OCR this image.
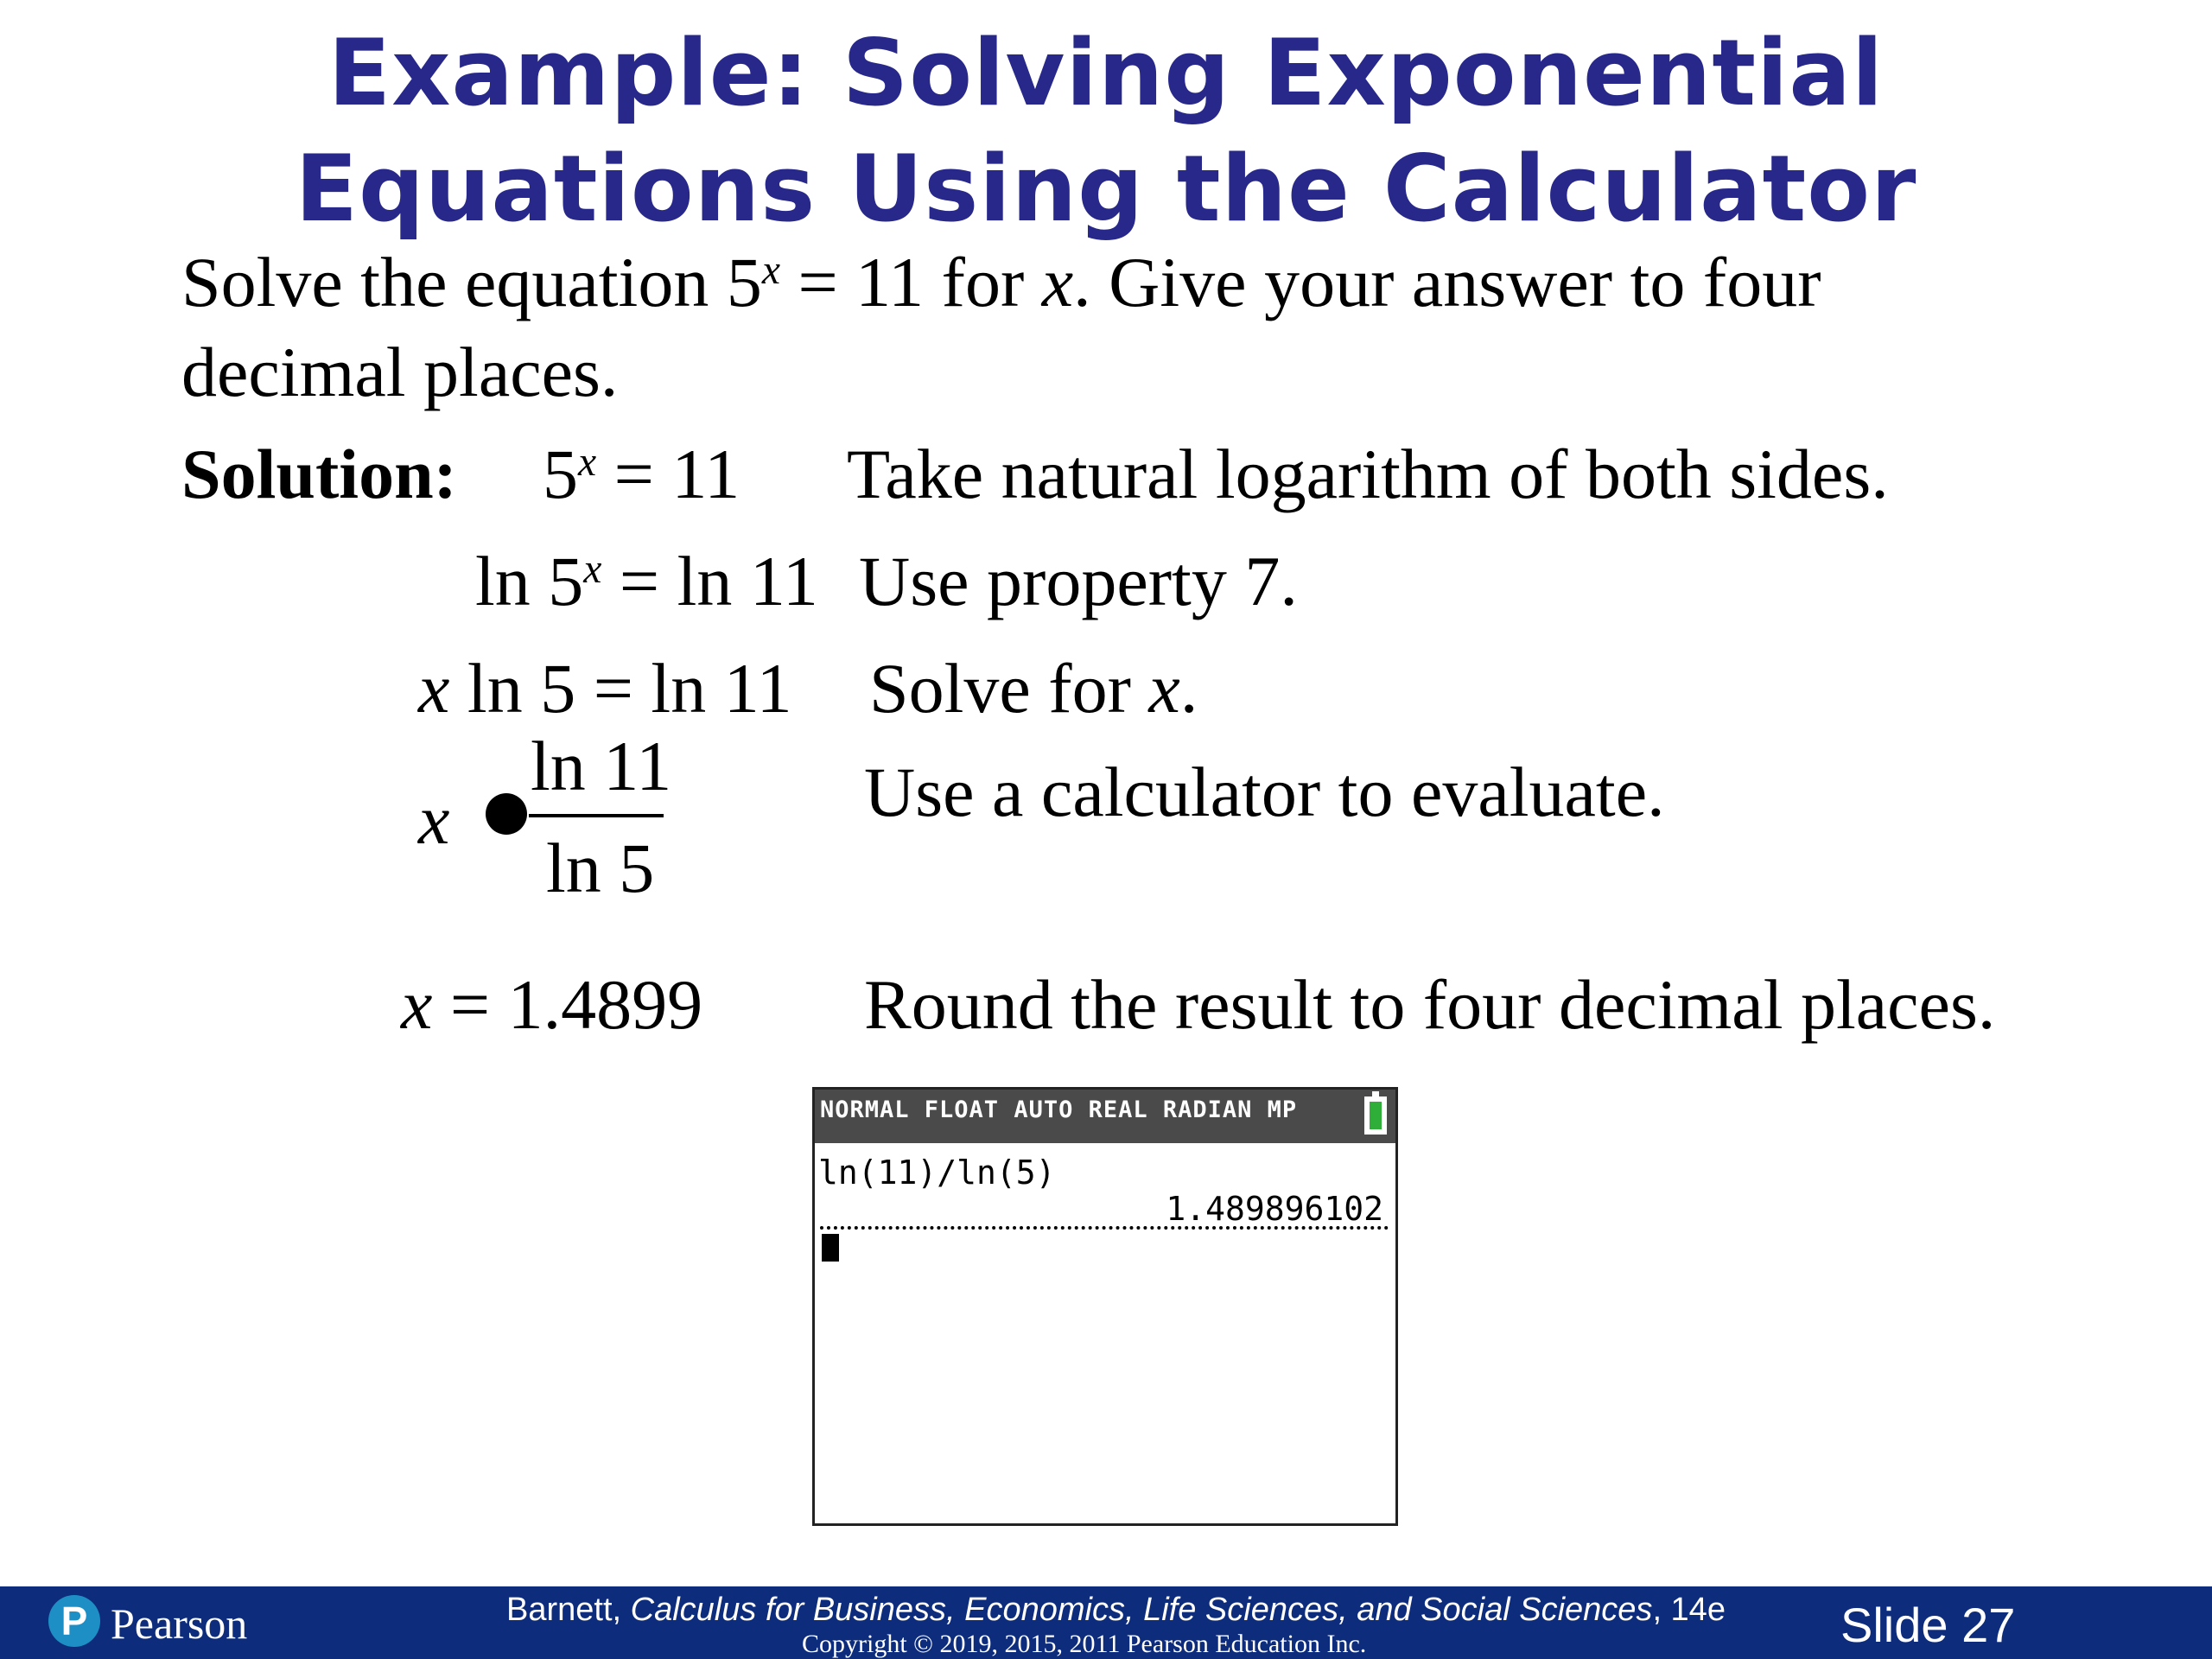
Example: Solving Exponential
Equations Using the Calculator
Solve the equation $5^x = 11$ for x. Give your answer to four
decimal places.
Solution: $5^x = 11$ Take natural logarithm of both sides.
$\ln 5^x = \ln 11$ Use property 7.
x ln 5 = ln 11 Solve for x.
x
ln 11
ln 5
Use a calculator to evaluate.
x = 1.4899 Round the result to four decimal places.
NORMAL FLOAT AUTO REAL RADIAN MP
ln(11)/ln(5)
1.489896102
P Pearson	Barnett, Calculus for Business, Economics, Life Sciences, and Social Sciences, 14e
Copyright © 2019, 2015, 2011 Pearson Education Inc.	Slide 27
